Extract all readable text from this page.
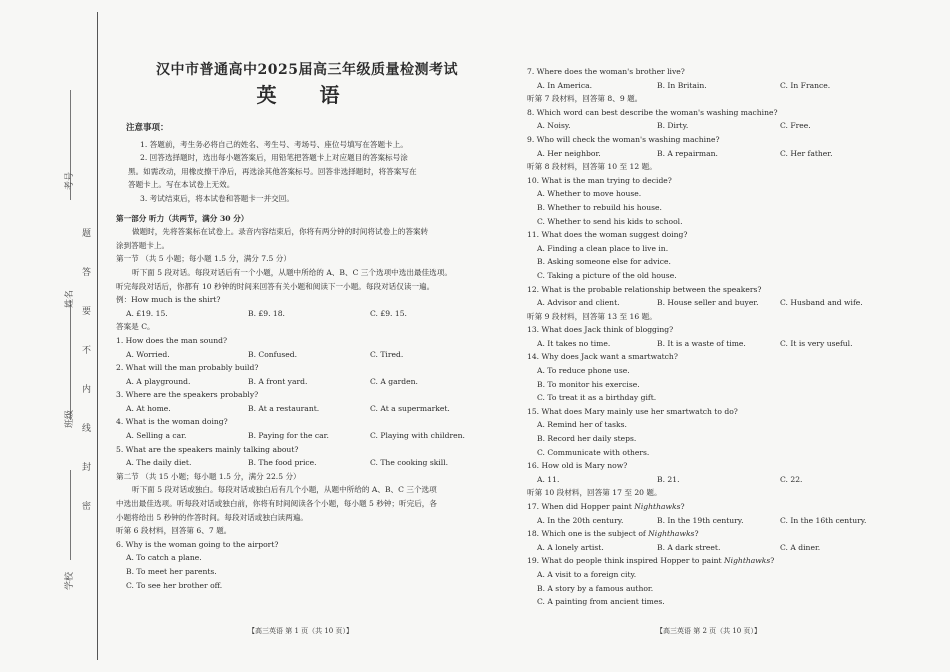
考号
姓名
班级
学校
题
答
要
不
内
线
封
密
汉中市普通高中2025届高三年级质量检测考试
英 语
注意事项：
1. 答题前，考生务必将自己的姓名、考生号、考场号、座位号填写在答题卡上。
2. 回答选择题时，选出每小题答案后，用铅笔把答题卡上对应题目的答案标号涂
黑。如需改动，用橡皮擦干净后，再选涂其他答案标号。回答非选择题时，将答案写在
答题卡上。写在本试卷上无效。
3. 考试结束后，将本试卷和答题卡一并交回。
第一部分 听力（共两节，满分 30 分）
做题时，先将答案标在试卷上。录音内容结束后，你将有两分钟的时间将试卷上的答案转
涂到答题卡上。
第一节 （共 5 小题；每小题 1.5 分，满分 7.5 分）
听下面 5 段对话。每段对话后有一个小题，从题中所给的 A、B、C 三个选项中选出最佳选项。
听完每段对话后，你都有 10 秒钟的时间来回答有关小题和阅读下一小题。每段对话仅读一遍。
例：How much is the shirt?
A. £19. 15.	B. £9. 18.	C. £9. 15.
答案是 C。
1. How does the man sound?
A. Worried.	B. Confused.	C. Tired.
2. What will the man probably build?
A. A playground.	B. A front yard.	C. A garden.
3. Where are the speakers probably?
A. At home.	B. At a restaurant.	C. At a supermarket.
4. What is the woman doing?
A. Selling a car.	B. Paying for the car.	C. Playing with children.
5. What are the speakers mainly talking about?
A. The daily diet.	B. The food price.	C. The cooking skill.
第二节 （共 15 小题；每小题 1.5 分，满分 22.5 分）
听下面 5 段对话或独白。每段对话或独白后有几个小题，从题中所给的 A、B、C 三个选项
中选出最佳选项。听每段对话或独白前，你将有时间阅读各个小题，每小题 5 秒钟；听完后，各
小题将给出 5 秒钟的作答时间。每段对话或独白读两遍。
听第 6 段材料，回答第 6、7 题。
6. Why is the woman going to the airport?
A. To catch a plane.
B. To meet her parents.
C. To see her brother off.
7. Where does the woman's brother live?
A. In America.	B. In Britain.	C. In France.
听第 7 段材料，回答第 8、9 题。
8. Which word can best describe the woman's washing machine?
A. Noisy.	B. Dirty.	C. Free.
9. Who will check the woman's washing machine?
A. Her neighbor.	B. A repairman.	C. Her father.
听第 8 段材料，回答第 10 至 12 题。
10. What is the man trying to decide?
A. Whether to move house.
B. Whether to rebuild his house.
C. Whether to send his kids to school.
11. What does the woman suggest doing?
A. Finding a clean place to live in.
B. Asking someone else for advice.
C. Taking a picture of the old house.
12. What is the probable relationship between the speakers?
A. Advisor and client.	B. House seller and buyer.	C. Husband and wife.
听第 9 段材料，回答第 13 至 16 题。
13. What does Jack think of blogging?
A. It takes no time.	B. It is a waste of time.	C. It is very useful.
14. Why does Jack want a smartwatch?
A. To reduce phone use.
B. To monitor his exercise.
C. To treat it as a birthday gift.
15. What does Mary mainly use her smartwatch to do?
A. Remind her of tasks.
B. Record her daily steps.
C. Communicate with others.
16. How old is Mary now?
A. 11.	B. 21.	C. 22.
听第 10 段材料，回答第 17 至 20 题。
17. When did Hopper paint Nighthawks?
A. In the 20th century.	B. In the 19th century.	C. In the 16th century.
18. Which one is the subject of Nighthawks?
A. A lonely artist.	B. A dark street.	C. A diner.
19. What do people think inspired Hopper to paint Nighthawks?
A. A visit to a foreign city.
B. A story by a famous author.
C. A painting from ancient times.
【高三英语 第 1 页（共 10 页）】	【高三英语 第 2 页（共 10 页）】
